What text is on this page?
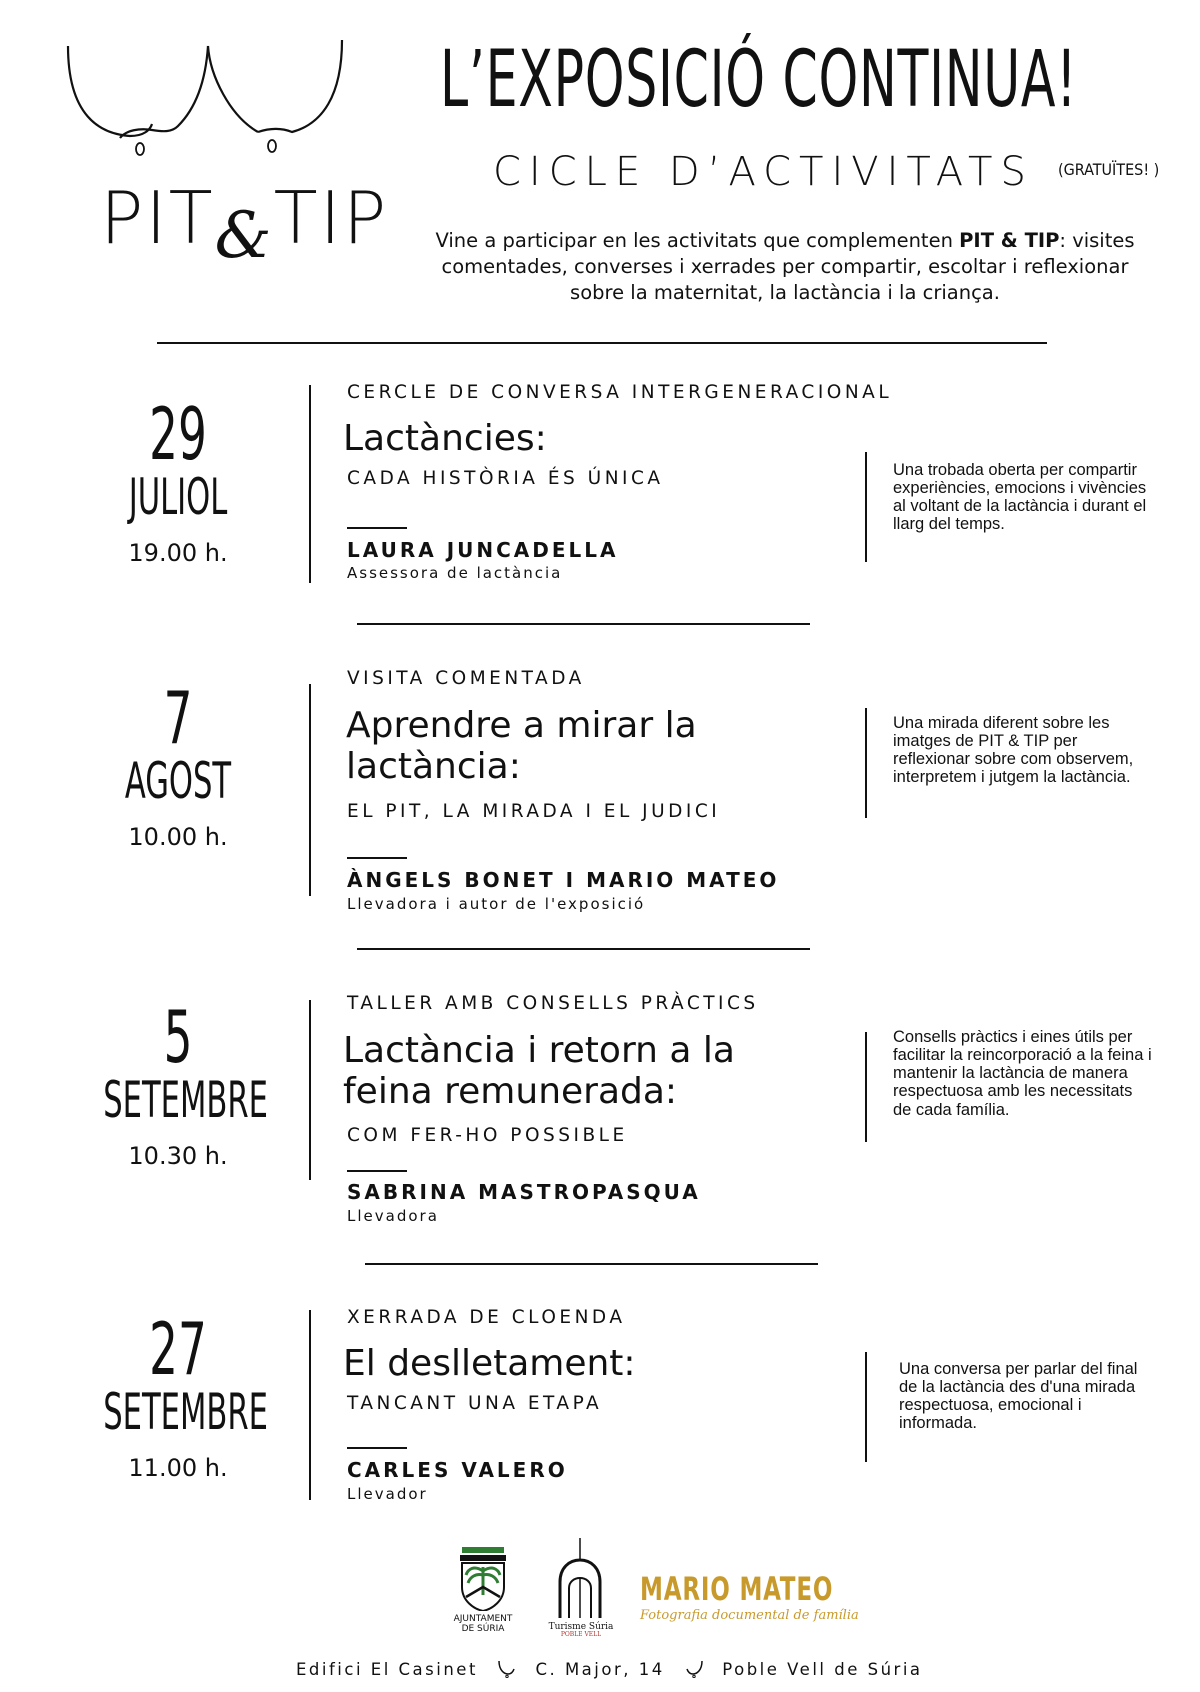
PIT&TIP
L’EXPOSICIÓ CONTINUA!
CICLE D’ACTIVITATS (GRATUÏTES! )
Vine a participar en les activitats que complementen PIT & TIP: visites comentades, converses i xerrades per compartir, escoltar i reflexionar sobre la maternitat, la lactància i la criança.
29
JULIOL
19.00 h.
CERCLE DE CONVERSA INTERGENERACIONAL
Lactàncies:
CADA HISTÒRIA ÉS ÚNICA
LAURA JUNCADELLA
Assessora de lactància
Una trobada oberta per compartir experiències, emocions i vivències al voltant de la lactància i durant el llarg del temps.
7
AGOST
10.00 h.
VISITA COMENTADA
Aprendre a mirar la
lactància:
EL PIT, LA MIRADA I EL JUDICI
ÀNGELS BONET I MARIO MATEO
Llevadora i autor de l'exposició
Una mirada diferent sobre les imatges de PIT & TIP per reflexionar sobre com observem, interpretem i jutgem la lactància.
5
SETEMBRE
10.30 h.
TALLER AMB CONSELLS PRÀCTICS
Lactància i retorn a la
feina remunerada:
COM FER-HO POSSIBLE
SABRINA MASTROPASQUA
Llevadora
Consells pràctics i eines útils per facilitar la reincorporació a la feina i mantenir la lactància de manera respectuosa amb les necessitats de cada família.
27
SETEMBRE
11.00 h.
XERRADA DE CLOENDA
El deslletament:
TANCANT UNA ETAPA
CARLES VALERO
Llevador
Una conversa per parlar del final de la lactància des d'una mirada respectuosa, emocional i informada.
AJUNTAMENT
DE SÚRIA	Turisme Súria
POBLE VELL
MARIO MATEO
Fotografia documental de família
Edifici El Casinet	C. Major, 14	Poble Vell de Súria
